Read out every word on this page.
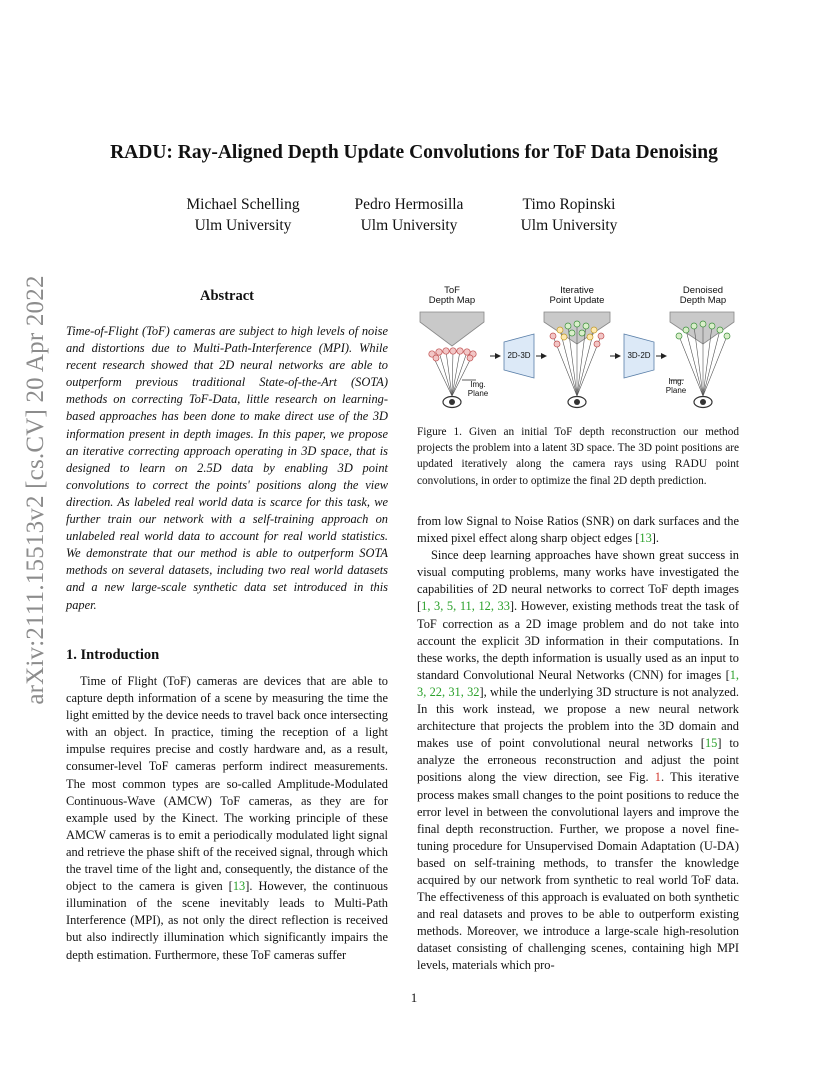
arXiv:2111.15513v2 [cs.CV] 20 Apr 2022
RADU: Ray-Aligned Depth Update Convolutions for ToF Data Denoising
Michael Schelling
Ulm University
Pedro Hermosilla
Ulm University
Timo Ropinski
Ulm University
Abstract

Time-of-Flight (ToF) cameras are subject to high levels of noise and distortions due to Multi-Path-Interference (MPI). While recent research showed that 2D neural networks are able to outperform previous traditional State-of-the-Art (SOTA) methods on correcting ToF-Data, little research on learning-based approaches has been done to make direct use of the 3D information present in depth images. In this paper, we propose an iterative correcting approach operating in 3D space, that is designed to learn on 2.5D data by enabling 3D point convolutions to correct the points' positions along the view direction. As labeled real world data is scarce for this task, we further train our network with a self-training approach on unlabeled real world data to account for real world statistics. We demonstrate that our method is able to outperform SOTA methods on several datasets, including two real world datasets and a new large-scale synthetic data set introduced in this paper.

ToF
Depth Map
Iterative
Point Update
Denoised
Depth Map
2D-3D	3D-2D
Img.
Plane
Img.
Plane
Figure 1. Given an initial ToF depth reconstruction our method projects the problem into a latent 3D space. The 3D point positions are updated iteratively along the camera rays using RADU point convolutions, in order to optimize the final 2D depth prediction.
1. Introduction

Time of Flight (ToF) cameras are devices that are able to capture depth information of a scene by measuring the time the light emitted by the device needs to travel back once intersecting with an object. In practice, timing the reception of a light impulse requires precise and costly hardware and, as a result, consumer-level ToF cameras perform indirect measurements. The most common types are so-called Amplitude-Modulated Continuous-Wave (AMCW) ToF cameras, as they are for example used by the Kinect. The working principle of these AMCW cameras is to emit a periodically modulated light signal and retrieve the phase shift of the received signal, through which the travel time of the light and, consequently, the distance of the object to the camera is given [13]. However, the continuous illumination of the scene inevitably leads to Multi-Path Interference (MPI), as not only the direct reflection is received but also indirectly illumination which significantly impairs the depth estimation. Furthermore, these ToF cameras suffer

from low Signal to Noise Ratios (SNR) on dark surfaces and the mixed pixel effect along sharp object edges [13].

Since deep learning approaches have shown great success in visual computing problems, many works have investigated the capabilities of 2D neural networks to correct ToF depth images [1, 3, 5, 11, 12, 33]. However, existing methods treat the task of ToF correction as a 2D image problem and do not take into account the explicit 3D information in their computations. In these works, the depth information is usually used as an input to standard Convolutional Neural Networks (CNN) for images [1, 3, 22, 31, 32], while the underlying 3D structure is not analyzed. In this work instead, we propose a new neural network architecture that projects the problem into the 3D domain and makes use of point convolutional neural networks [15] to analyze the erroneous reconstruction and adjust the point positions along the view direction, see Fig. 1. This iterative process makes small changes to the point positions to reduce the error level in between the convolutional layers and improve the final depth reconstruction. Further, we propose a novel fine-tuning procedure for Unsupervised Domain Adaptation (U-DA) based on self-training methods, to transfer the knowledge acquired by our network from synthetic to real world ToF data. The effectiveness of this approach is evaluated on both synthetic and real datasets and proves to be able to outperform existing methods. Moreover, we introduce a large-scale high-resolution dataset consisting of challenging scenes, containing high MPI levels, materials which pro-

1
